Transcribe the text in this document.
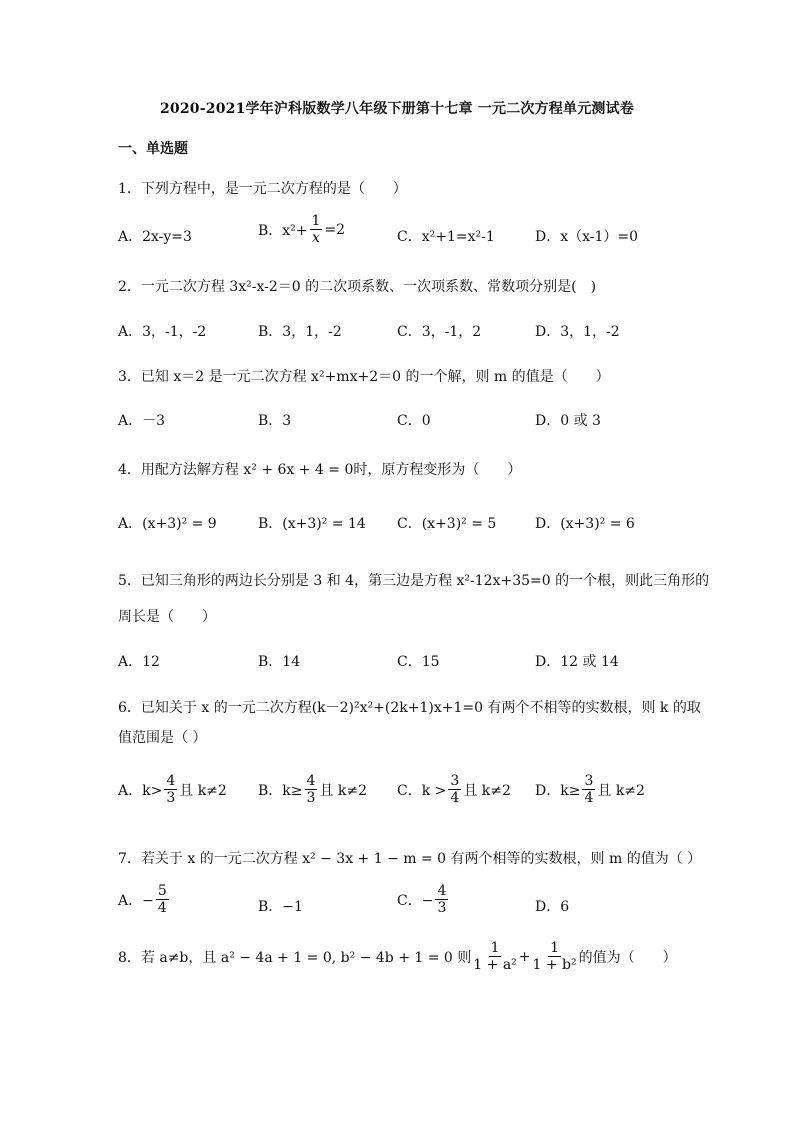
2020-2021学年沪科版数学八年级下册第十七章 一元二次方程单元测试卷
一、单选题
1．下列方程中，是一元二次方程的是（　　）
A．2x-y=3	B．$x^2+ \frac{1}{x} =2$	C．x²+1=x²-1	D．x（x-1）=0
2．一元二次方程 3x²-x-2＝0 的二次项系数、一次项系数、常数项分别是(　)
A．3，-1，-2	B．3，1，-2	C．3，-1，2	D．3，1，-2
3．已知 x＝2 是一元二次方程 x²+mx+2＝0 的一个解，则 m 的值是（　　）
A．－3	B．3	C．0	D．0 或 3
4．用配方法解方程 x² + 6x + 4 = 0时，原方程变形为（　　）
A．(x+3)² = 9	B．(x+3)² = 14 C．(x+3)² = 5	D．(x+3)² = 6
5．已知三角形的两边长分别是 3 和 4，第三边是方程 x²-12x+35=0 的一个根，则此三角形的
周长是（　　）
A．12	B．14	C．15	D．12 或 14
6．已知关于 x 的一元二次方程(k－2)²x²+(2k+1)x+1=0 有两个不相等的实数根，则 k 的取
值范围是（ ）
A．$k> \frac{4}{3}$ 且 k≠2 B．$k\ge \frac{4}{3}$ 且 k≠2 C．$k > \frac{3}{4}$ 且 k≠2 D．$k\ge \frac{3}{4}$ 且 k≠2
7．若关于 x 的一元二次方程 x² − 3x + 1 − m = 0 有两个相等的实数根，则 m 的值为（ ）
A．− $\frac{5}{4}$	B．−1	C．− $\frac{4}{3}$	D．6
8．若 a≠b，且 a² − 4a + 1 = 0, b² − 4b + 1 = 0 则 $\frac{1}{\text{1 + a²}} + \frac{1}{\text{1 + b²}}$ 的值为（　　）
